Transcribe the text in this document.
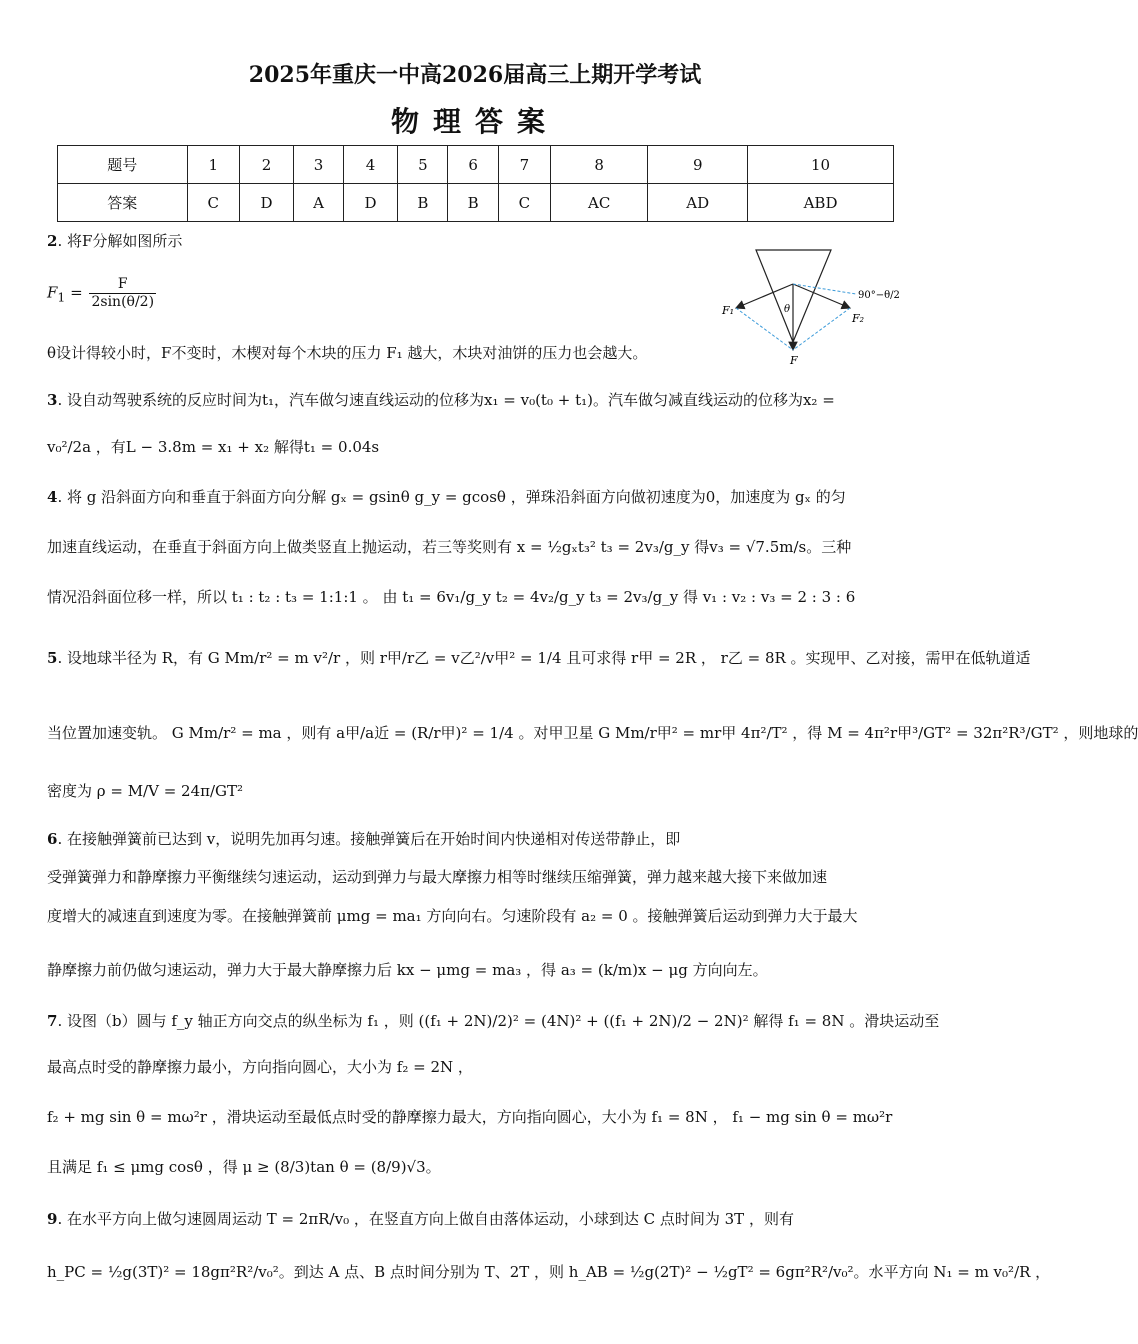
2025年重庆一中高2026届高三上期开学考试
物理答案
题号	1	2	3	4	5	6	7	8	9	10
答案	C	D	A	D	B	B	C	AC	AD	ABD
2. 将F分解如图所示
$F_1 = \frac{F}{2\sin(\theta/2)}$
θ设计得较小时，F不变时，木楔对每个木块的压力 F₁ 越大，木块对油饼的压力也会越大。
F₁
F₂
F
θ
90°−θ/2
3. 设自动驾驶系统的反应时间为t₁，汽车做匀速直线运动的位移为x₁ = v₀(t₀ + t₁)。汽车做匀减直线运动的位移为x₂ =
v₀²/2a ，有L − 3.8m = x₁ + x₂ 解得t₁ = 0.04s
4. 将 g 沿斜面方向和垂直于斜面方向分解 gₓ = gsinθ g_y = gcosθ ，弹珠沿斜面方向做初速度为0，加速度为 gₓ 的匀
加速直线运动，在垂直于斜面方向上做类竖直上抛运动，若三等奖则有 x = ½gₓt₃² t₃ = 2v₃/g_y 得v₃ = √7.5m/s。三种
情况沿斜面位移一样，所以 t₁ : t₂ : t₃ = 1:1:1 。 由 t₁ = 6v₁/g_y t₂ = 4v₂/g_y t₃ = 2v₃/g_y 得 v₁ : v₂ : v₃ = 2 : 3 : 6
5. 设地球半径为 R，有 G Mm/r² = m v²/r ，则 r甲/r乙 = v乙²/v甲² = 1/4 且可求得 r甲 = 2R ， r乙 = 8R 。实现甲、乙对接，需甲在低轨道适
当位置加速变轨。 G Mm/r² = ma ，则有 a甲/a近 = (R/r甲)² = 1/4 。对甲卫星 G Mm/r甲² = mr甲 4π²/T² ，得 M = 4π²r甲³/GT² = 32π²R³/GT² ，则地球的
密度为 ρ = M/V = 24π/GT²
6. 在接触弹簧前已达到 v，说明先加再匀速。接触弹簧后在开始时间内快递相对传送带静止，即
受弹簧弹力和静摩擦力平衡继续匀速运动，运动到弹力与最大摩擦力相等时继续压缩弹簧，弹力越来越大接下来做加速
度增大的减速直到速度为零。在接触弹簧前 μmg = ma₁ 方向向右。匀速阶段有 a₂ = 0 。接触弹簧后运动到弹力大于最大
静摩擦力前仍做匀速运动，弹力大于最大静摩擦力后 kx − μmg = ma₃ ，得 a₃ = (k/m)x − μg 方向向左。
7. 设图（b）圆与 f_y 轴正方向交点的纵坐标为 f₁ ，则 ((f₁ + 2N)/2)² = (4N)² + ((f₁ + 2N)/2 − 2N)² 解得 f₁ = 8N 。滑块运动至
最高点时受的静摩擦力最小，方向指向圆心，大小为 f₂ = 2N ，
f₂ + mg sin θ = mω²r ，滑块运动至最低点时受的静摩擦力最大，方向指向圆心，大小为 f₁ = 8N ， f₁ − mg sin θ = mω²r
且满足 f₁ ≤ μmg cosθ ，得 μ ≥ (8/3)tan θ = (8/9)√3。
9. 在水平方向上做匀速圆周运动 T = 2πR/v₀ ，在竖直方向上做自由落体运动，小球到达 C 点时间为 3T ，则有
h_PC = ½g(3T)² = 18gπ²R²/v₀²。到达 A 点、B 点时间分别为 T、2T ，则 h_AB = ½g(2T)² − ½gT² = 6gπ²R²/v₀²。水平方向 N₁ = m v₀²/R ，
